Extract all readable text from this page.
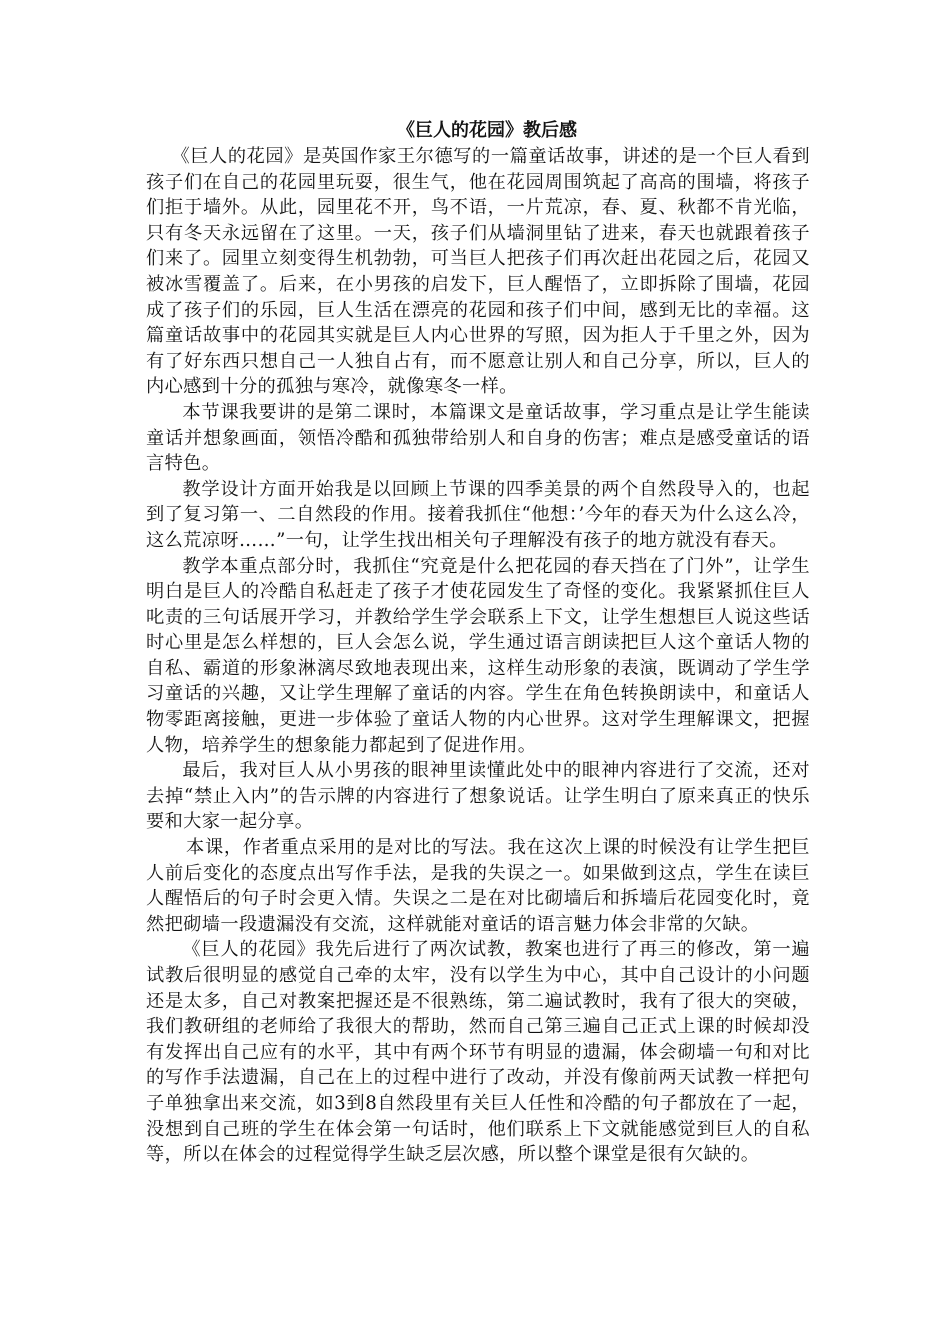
《巨人的花园》教后感

《巨人的花园》是英国作家王尔德写的一篇童话故事，讲述的是一个巨人看到孩子们在自己的花园里玩耍，很生气，他在花园周围筑起了高高的围墙，将孩子们拒于墙外。从此，园里花不开，鸟不语，一片荒凉，春、夏、秋都不肯光临，只有冬天永远留在了这里。一天，孩子们从墙洞里钻了进来，春天也就跟着孩子们来了。园里立刻变得生机勃勃，可当巨人把孩子们再次赶出花园之后，花园又被冰雪覆盖了。后来，在小男孩的启发下，巨人醒悟了，立即拆除了围墙，花园成了孩子们的乐园，巨人生活在漂亮的花园和孩子们中间，感到无比的幸福。这篇童话故事中的花园其实就是巨人内心世界的写照，因为拒人于千里之外，因为有了好东西只想自己一人独自占有，而不愿意让别人和自己分享，所以，巨人的内心感到十分的孤独与寒冷，就像寒冬一样。

本节课我要讲的是第二课时，本篇课文是童话故事，学习重点是让学生能读童话并想象画面，领悟冷酷和孤独带给别人和自身的伤害；难点是感受童话的语言特色。

教学设计方面开始我是以回顾上节课的四季美景的两个自然段导入的，也起到了复习第一、二自然段的作用。接着我抓住“他想：’今年的春天为什么这么冷，这么荒凉呀……”一句，让学生找出相关句子理解没有孩子的地方就没有春天。

教学本重点部分时，我抓住“究竟是什么把花园的春天挡在了门外”，让学生明白是巨人的冷酷自私赶走了孩子才使花园发生了奇怪的变化。我紧紧抓住巨人叱责的三句话展开学习，并教给学生学会联系上下文，让学生想想巨人说这些话时心里是怎么样想的，巨人会怎么说，学生通过语言朗读把巨人这个童话人物的自私、霸道的形象淋漓尽致地表现出来，这样生动形象的表演，既调动了学生学习童话的兴趣，又让学生理解了童话的内容。学生在角色转换朗读中，和童话人物零距离接触，更进一步体验了童话人物的内心世界。这对学生理解课文，把握人物，培养学生的想象能力都起到了促进作用。

最后，我对巨人从小男孩的眼神里读懂此处中的眼神内容进行了交流，还对去掉“禁止入内”的告示牌的内容进行了想象说话。让学生明白了原来真正的快乐要和大家一起分享。

本课，作者重点采用的是对比的写法。我在这次上课的时候没有让学生把巨人前后变化的态度点出写作手法，是我的失误之一。如果做到这点，学生在读巨人醒悟后的句子时会更入情。失误之二是在对比砌墙后和拆墙后花园变化时，竟然把砌墙一段遗漏没有交流，这样就能对童话的语言魅力体会非常的欠缺。

《巨人的花园》我先后进行了两次试教，教案也进行了再三的修改，第一遍试教后很明显的感觉自己牵的太牢，没有以学生为中心，其中自己设计的小问题还是太多，自己对教案把握还是不很熟练，第二遍试教时，我有了很大的突破，我们教研组的老师给了我很大的帮助，然而自己第三遍自己正式上课的时候却没有发挥出自己应有的水平，其中有两个环节有明显的遗漏，体会砌墙一句和对比的写作手法遗漏，自己在上的过程中进行了改动，并没有像前两天试教一样把句子单独拿出来交流，如3到8自然段里有关巨人任性和冷酷的句子都放在了一起，没想到自己班的学生在体会第一句话时，他们联系上下文就能感觉到巨人的自私等，所以在体会的过程觉得学生缺乏层次感，所以整个课堂是很有欠缺的。
